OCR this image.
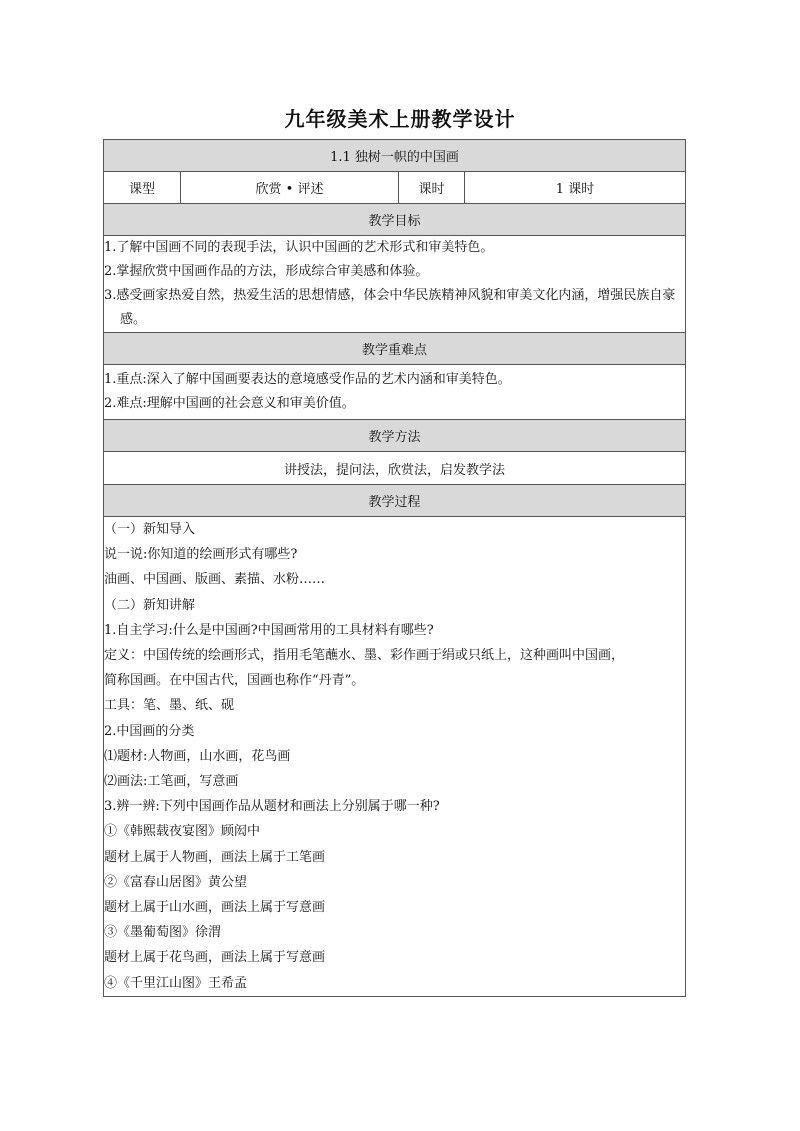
九年级美术上册教学设计
1.1 独树一帜的中国画
课型	欣赏 • 评述	课时	1 课时
教学目标

1.了解中国画不同的表现手法，认识中国画的艺术形式和审美特色。
2.掌握欣赏中国画作品的方法，形成综合审美感和体验。
3.感受画家热爱自然，热爱生活的思想情感，体会中华民族精神风貌和审美文化内涵，增强民族自豪感。

教学重难点

1.重点:深入了解中国画要表达的意境感受作品的艺术内涵和审美特色。
2.难点:理解中国画的社会意义和审美价值。

教学方法
讲授法，提问法，欣赏法，启发教学法
教学过程

（一）新知导入
说一说:你知道的绘画形式有哪些?
油画、中国画、版画、素描、水粉……
（二）新知讲解
1.自主学习:什么是中国画?中国画常用的工具材料有哪些?
定义：中国传统的绘画形式，指用毛笔蘸水、墨、彩作画于绢或只纸上，这种画叫中国画，
简称国画。在中国古代，国画也称作“丹青”。
工具：笔、墨、纸、砚
2.中国画的分类
⑴题材:人物画，山水画，花鸟画
⑵画法:工笔画，写意画
3.辨一辨:下列中国画作品从题材和画法上分别属于哪一种?
①《韩熙载夜宴图》顾闳中
题材上属于人物画，画法上属于工笔画
②《富春山居图》黄公望
题材上属于山水画，画法上属于写意画
③《墨葡萄图》徐渭
题材上属于花鸟画，画法上属于写意画
④《千里江山图》王希孟
